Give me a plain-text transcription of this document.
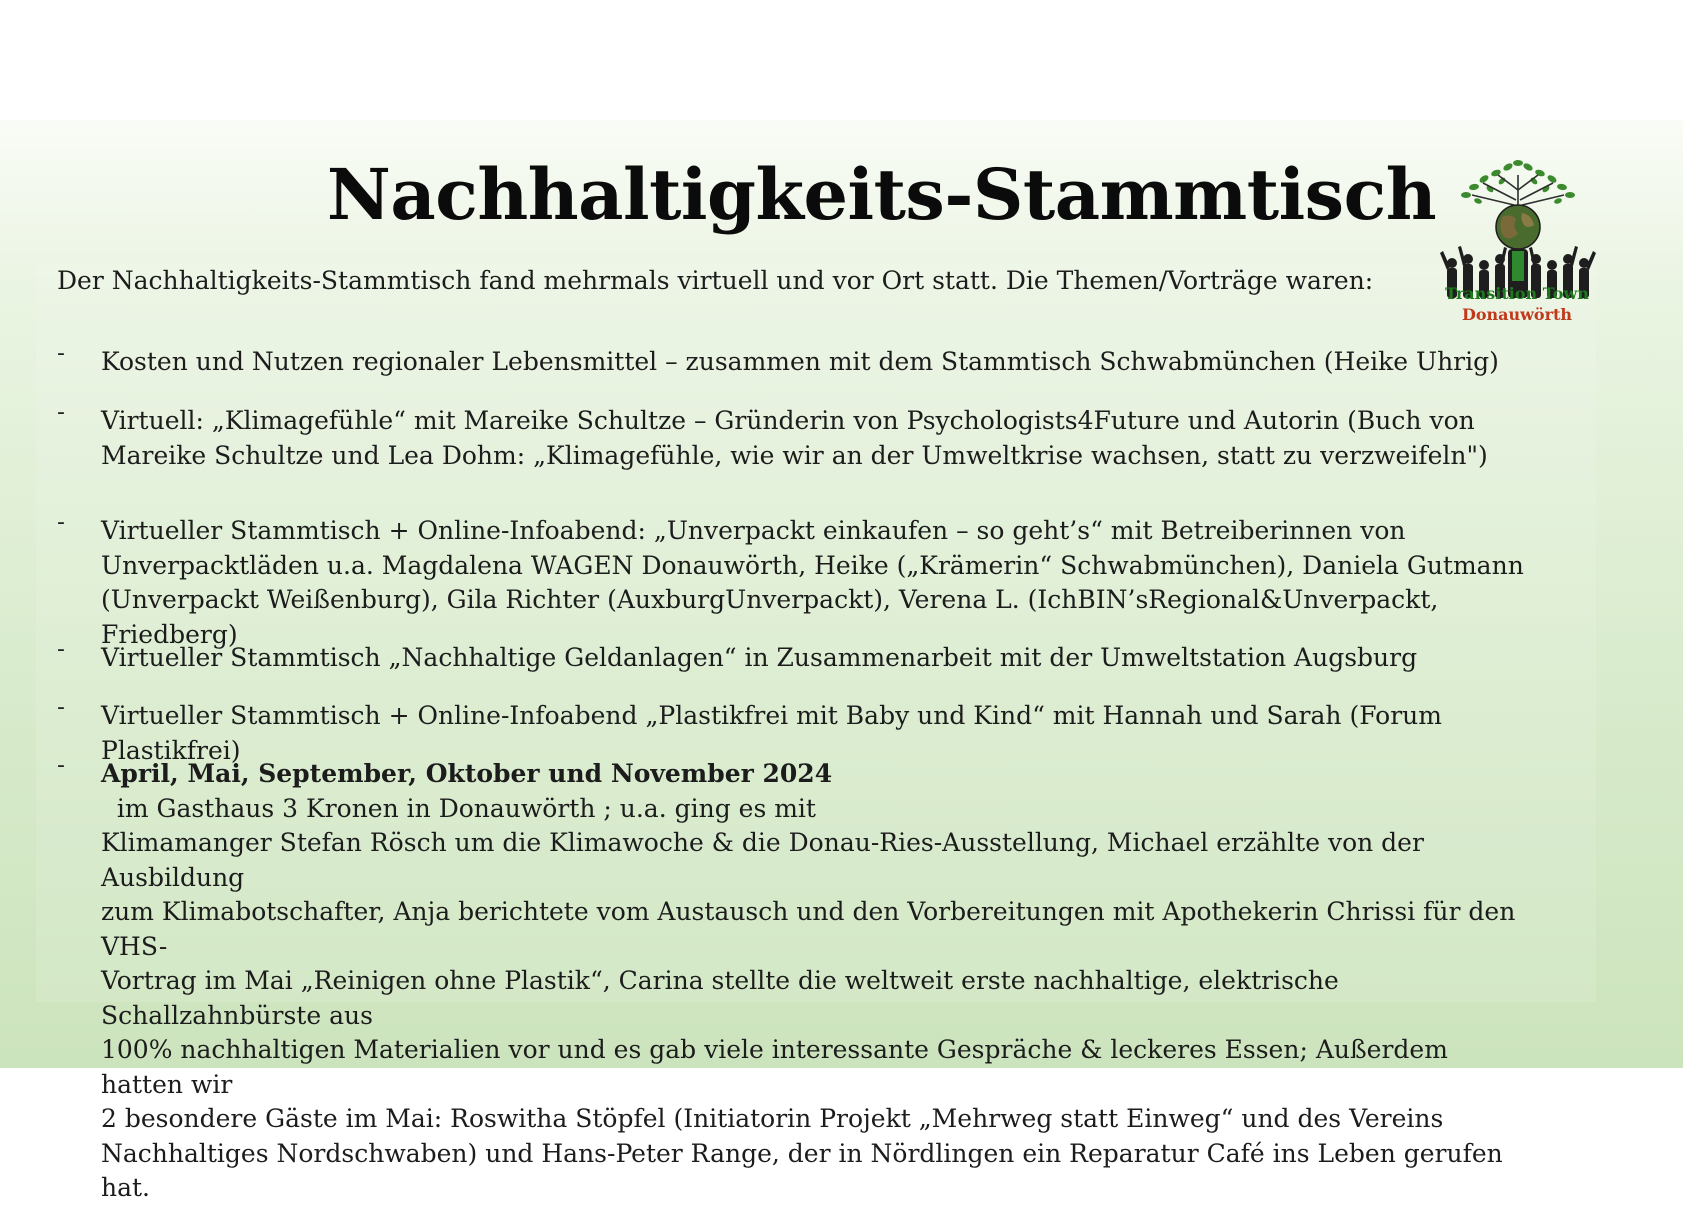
Nachhaltigkeits-Stammtisch

Der Nachhaltigkeits-Stammtisch fand mehrmals virtuell und vor Ort statt. Die Themen/Vorträge waren:	Transition Town

Donauwörth

- Kosten und Nutzen regionaler Lebensmittel – zusammen mit dem Stammtisch Schwabmünchen (Heike Uhrig)
- Virtuell: „Klimagefühle“ mit Mareike Schultze – Gründerin von Psychologists4Future und Autorin (Buch von
Mareike Schultze und Lea Dohm: „Klimagefühle, wie wir an der Umweltkrise wachsen, statt zu verzweifeln")
- Virtueller Stammtisch + Online-Infoabend: „Unverpackt einkaufen – so geht’s“ mit Betreiberinnen von
Unverpacktläden u.a. Magdalena WAGEN Donauwörth, Heike („Krämerin“ Schwabmünchen), Daniela Gutmann
(Unverpackt Weißenburg), Gila Richter (AuxburgUnverpackt), Verena L. (IchBIN’sRegional&Unverpackt, Friedberg)
- Virtueller Stammtisch „Nachhaltige Geldanlagen“ in Zusammenarbeit mit der Umweltstation Augsburg
- Virtueller Stammtisch + Online-Infoabend „Plastikfrei mit Baby und Kind“ mit Hannah und Sarah (Forum Plastikfrei)
- April, Mai, September, Oktober und November 2024  im Gasthaus 3 Kronen in Donauwörth ; u.a. ging es mit
Klimamanger Stefan Rösch um die Klimawoche & die Donau-Ries-Ausstellung, Michael erzählte von der Ausbildung
zum Klimabotschafter, Anja berichtete vom Austausch und den Vorbereitungen mit Apothekerin Chrissi für den VHS-
Vortrag im Mai „Reinigen ohne Plastik“, Carina stellte die weltweit erste nachhaltige, elektrische Schallzahnbürste aus
100% nachhaltigen Materialien vor und es gab viele interessante Gespräche & leckeres Essen; Außerdem hatten wir
2 besondere Gäste im Mai: Roswitha Stöpfel (Initiatorin Projekt „Mehrweg statt Einweg“ und des Vereins
Nachhaltiges Nordschwaben) und Hans-Peter Range, der in Nördlingen ein Reparatur Café ins Leben gerufen hat.
